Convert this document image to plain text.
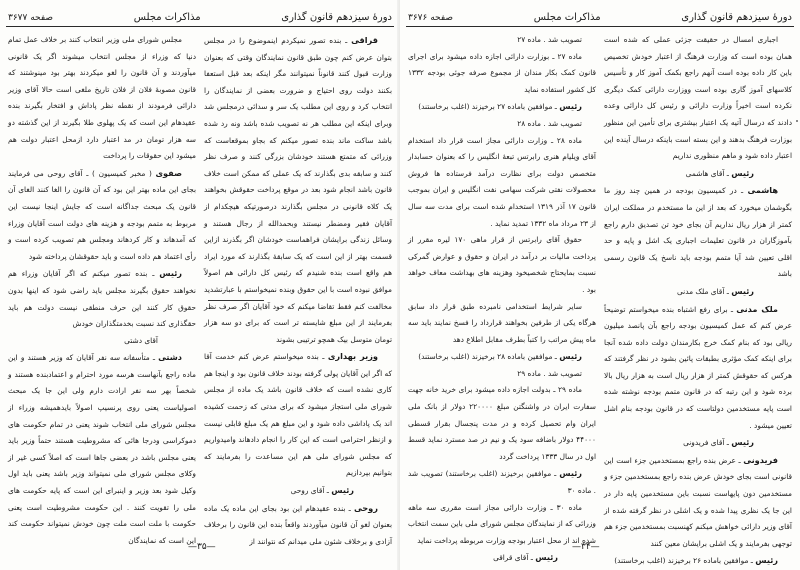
دورهٔ سیزدهم قانون گذاری
مذاکرات مجلس
صفحه ۳۶۷۷

قراقی ـ بنده تصور نمیکردم اینموضوع را در مجلس بتوان عرض کنم چون طبق قانون نمایندگان وقتی که بعنوان وزارت قبول کنند قانوناً نمیتوانند مگر اینکه بعد قبل استعفا بکنند دولت روی احتیاج و ضرورت بعضی از نمایندگان را انتخاب کرد و روی این مطلب یک سر و سدائی درمجلس شد وبرای اینکه این مطلب هر نه تصویب شده باشد ونه رد شده باشد ساکت ماند بنده تصور میکنم که بجاو بموقعاست که وزرائی که متمتع هستند خودشان بزرگی کنند و صرف نظر کنند و سابقه بدی بگذارند که یک عملی که ممکن است خلاف قانون باشد انجام شود بعد در موقع پرداخت حقوقش بخواهند یک کلاه قانونی در مجلس بگذارند درصورتیکه هیچکدام از آقایان فقیر ومضطر نیستند وبحمدالله از رجال هستند و وسائل زندگی برایشان فراهماست خودشان اگر بگذرند ازاین قسمت بهتر از این است که یک سابقهٔ بگذارند که مورد ایراد هم واقع است بنده شنیدم که رئیس کل دارائی هم اصولاً موافق نبوده است با این حقوق وبنده نمیخواستم با عبارتشدید مخالفت کنم فقط تقاضا میکنم که خود آقایان اگر صرف نظر بفرمایند از این مبلغ شایسته تر است که برای دو سه هزار تومان متوسل بیک همچو ترتیبی بشوند

وزیر بهداری ـ بنده میخواستم عرض کنم خدمت آقا که اگر این آقایان پولی گرفته بودند خلاف قانون بود و اینجا هم کاری نشده است که خلاف قانون باشد یک ماده از مجلس شورای ملی استجاز میشود که برای مدتی که زحمت کشیده اند یک پاداشی داده شود و این مبلغ هم یک مبلغ قابلی نیست و ازنظر احترامی است که این کار را انجام دادهاند وامیدواریم که مجلس شورای ملی هم این مساعدت را بفرمایند که بتوانیم بپردازیم

رئیس ـ آقای روحی

روحی ـ بنده عقیدهام این بود بجای این ماده یک ماده بعنوان لغو آن قانون میآوردند واقعاً بنده این قانون را برخلاف آزادی و برخلاف شئون ملی میدانم که نتوانند از

مجلس شورای ملی وزیر انتخاب کنند بر خلاف عمل تمام دنیا که وزراء از مجلس انتخاب میشوند اگر یک قانونی میآوردند و آن قانون را لغو میکردند بهتر بود مینوشتند که قانون مصوبهٔ فلان از فلان تاریخ ملغی است حالا آقای وزیر دارائی فرمودند از نقطه نظر پاداش و افتخار بگیرند بنده عقیدهام این است که یک پهلوی طلا بگیرند از این گذشته دو سه هزار تومان در مد اعتبار دارد ازمحل اعتبار دولت هم میشود این حقوقات را پرداخت

صفوی ( مخبر کمیسیون ) ـ آقای روحی می فرمایند بجای این ماده بهتر این بود که آن قانون را الغا کنند الغای آن قانون یک مبحث جداگانه است که جایش اینجا نیست این مربوط به متمم بودجه و هزینه های دولت است آقایان وزراء که آمدهاند و کار کردهاند ومجلس هم تصویب کرده است و رأی اعتماد هم داده است و باید حقوقشان پرداخته شود

رئیس ـ بنده تصور میکنم که اگر آقایان وزراء هم نخواهند حقوق بگیرند مجلس باید راضی شود که اینها بدون حقوق کار کنند این حرف منطقی نیست دولت هم باید حقگذاری کند نسبت بخدمتگذاران خودش

آقای دشتی

دشتی ـ متأسفانه سه نفر آقایان که وزیر هستند و این ماده راجع بآنهاست هرسه مورد احترام و اعتمادبنده هستند و شخصاً بهر سه نفر ارادت دارم ولی این جا یک مبحث اصولیاست یعنی روی پرنسیپ اصولاً بایدهمیشه وزراء از مجلس شورای ملی انتخاب شوند یعنی در تمام حکومت های دموکراسی ودرجا هائی که مشروطیت هستند حتماً وزیر باید یعنی مجلس باشد در بعضی جاها است که اصلاً کسی غیر از وکلای مجلس شورای ملی نمیتواند وزیر باشد یعنی باید اول وکیل شود بعد وزیر و اینبرای این است که پایه حکومت های ملی را تقویت کنند . این حکومت مشروطیت است یعنی حکومت با ملت است ملت چون خودش نمیتواند حکومت کند این است که نمایندگان

—۳۵—
دورهٔ سیزدهم قانون گذاری
مذاکرات مجلس
صفحه ۳۶۷۶

اجباری امسال در حقیقت جزئی عملی که شده است همان بوده است که وزارت فرهنگ از اعتبار خودش تخصیص باین کار داده بوده است آنهم راجع بکمک آموز کار و تأسیس کلاسهای آموز گاری بوده است ووزارت دارائی کمک دیگری نکرده است اخیراً وزارت دارائی و رئیس کل دارائی وعده دادند که درسال آتیه یک اعتبار بیشتری برای تأمین این منظور بوزارت فرهنگ بدهند و این بسته است باینکه درسال آینده این اعتبار داده شود و ماهم منظوری نداریم

رئیس ـ آقای هاشمی

هاشمی ـ در کمیسیون بودجه در همین چند روز ما بگوشمان میخورد که بعد از این ما مستخدم در مملکت ایران کمتر از هزار ریال نداریم آن بجای خود تن تصدیق دارم راجع بآموزگاران در قانون تعلیمات اجباری یک اشل و پایه و حد اقلی تعیین شد آیا متمم بودجه باید ناسخ یک قانون رسمی باشد

رئیس ـ آقای ملک مدنی

ملک مدنی ـ برای رفع اشتباه بنده میخواستم توضیحاً عرض کنم که عمل کمیسیون بودجه راجع بآن پانصد میلیون ریالی بود که بنام کمک خرج بکارمندان دولت داده شده آنجا برای اینکه کمک مؤثری بطبقات پائین بشود در نظر گرفتند که هرکس که حقوقش کمتر از هزار ریال است به هزار ریال بالا برده شود و این رتبه که در قانون متمم بودجه نوشته شده است پایه مستخدمین دولتاست که در قانون بودجه بنام اشل تعیین میشود .

رئیس ـ آقای فریدونی

فریدونی ـ عرض بنده راجع بمستخدمین جزء است این قانونی است بجای خودش عرض بنده راجع بمستخدمین جزء و مستخدمین دون پایهاست نسبت باین مستخدمین پایه دار در این جا یک نظری پیدا شده و یک اشلی در نظر گرفته شده از آقای وزیر دارائی خواهش میکنم کهنسبت بمستخدمین جزء هم توجهی بفرمایند و یک اشلی برایشان معین کنند

رئیس ـ موافقین باماده ۲۶ برخیزند (اغلب برخاستند)

تصویب شد . ماده ۲۷

ماده ۲۷ ـ بوزارت دارائی اجازه داده میشود برای اجرای قانون کمک بکار مندان از مجموع صرفه جوئی بودجه ۱۳۳۲ کل کشور استفاده نماید

رئیس ـ موافقین باماده ۲۷ برخیزند (اغلب برخاستند)

تصویب شد . ماده ۲۸

ماده ۲۸ ـ وزارت دارائی مجاز است قرار داد استخدام آقای ویلیام هنری رابرتس تبعهٔ انگلیس را که بعنوان حسابدار متخصص دولت برای نظارت درآمد فرستاده ها فروش محصولات نفتی شرکت سهامی نفت انگلیس و ایران بموجب قانون ۱۷ آذر ۱۳۱۹ استخدام شده است برای مدت سه سال از ۲۳ مرداد ماه ۱۳۳۲ تمدید نماید .

حقوق آقای رابرتس از قرار ماهی ۱۷۰ لیره مقرر از پرداخت مالیات بر درآمد در ایران و حقوق و عوارض گمرکی نسبت بمایحتاج شخصیخود وهزینه های بهداشت معاف خواهد بود .

سایر شرایط استخدامی نامبرده طبق قرار داد سابق هرگاه یکی از طرفین بخواهند قرارداد را فسخ نمایند باید سه ماه پیش مراتب را کتباً بطرف مقابل اطلاع دهد

رئیس ـ موافقین باماده ۲۸ برخیزند (اغلب برخاستند)

تصویب شد . ماده ۲۹

ماده ۲۹ ـ بدولت اجازه داده میشود برای خرید خانه جهت سفارت ایران در واشنگتن مبلغ ۲۲۰۰۰۰ دولار از بانک ملی ایران وام تحصیل کرده و در مدت پنجسال بقرار قسطی ۴۴۰۰۰ دولار باضافه سود یک و نیم در صد مسترد نماید قسط اول در سال ۱۳۳۳ پرداخت گردد

رئیس ـ موافقین برخیزند (اغلب برخاستند) تصویب شد . ماده ۳۰

ماده ۳۰ ـ وزارت دارائی مجاز است مقرری سه ماهه وزرائی که از نمایندگان مجلس شورای ملی باین سمت انتخاب شده اند از محل اعتبار بودجه وزارت مربوطه پرداخت نماید

رئیس ـ آقای قراقی

—۳۴—
